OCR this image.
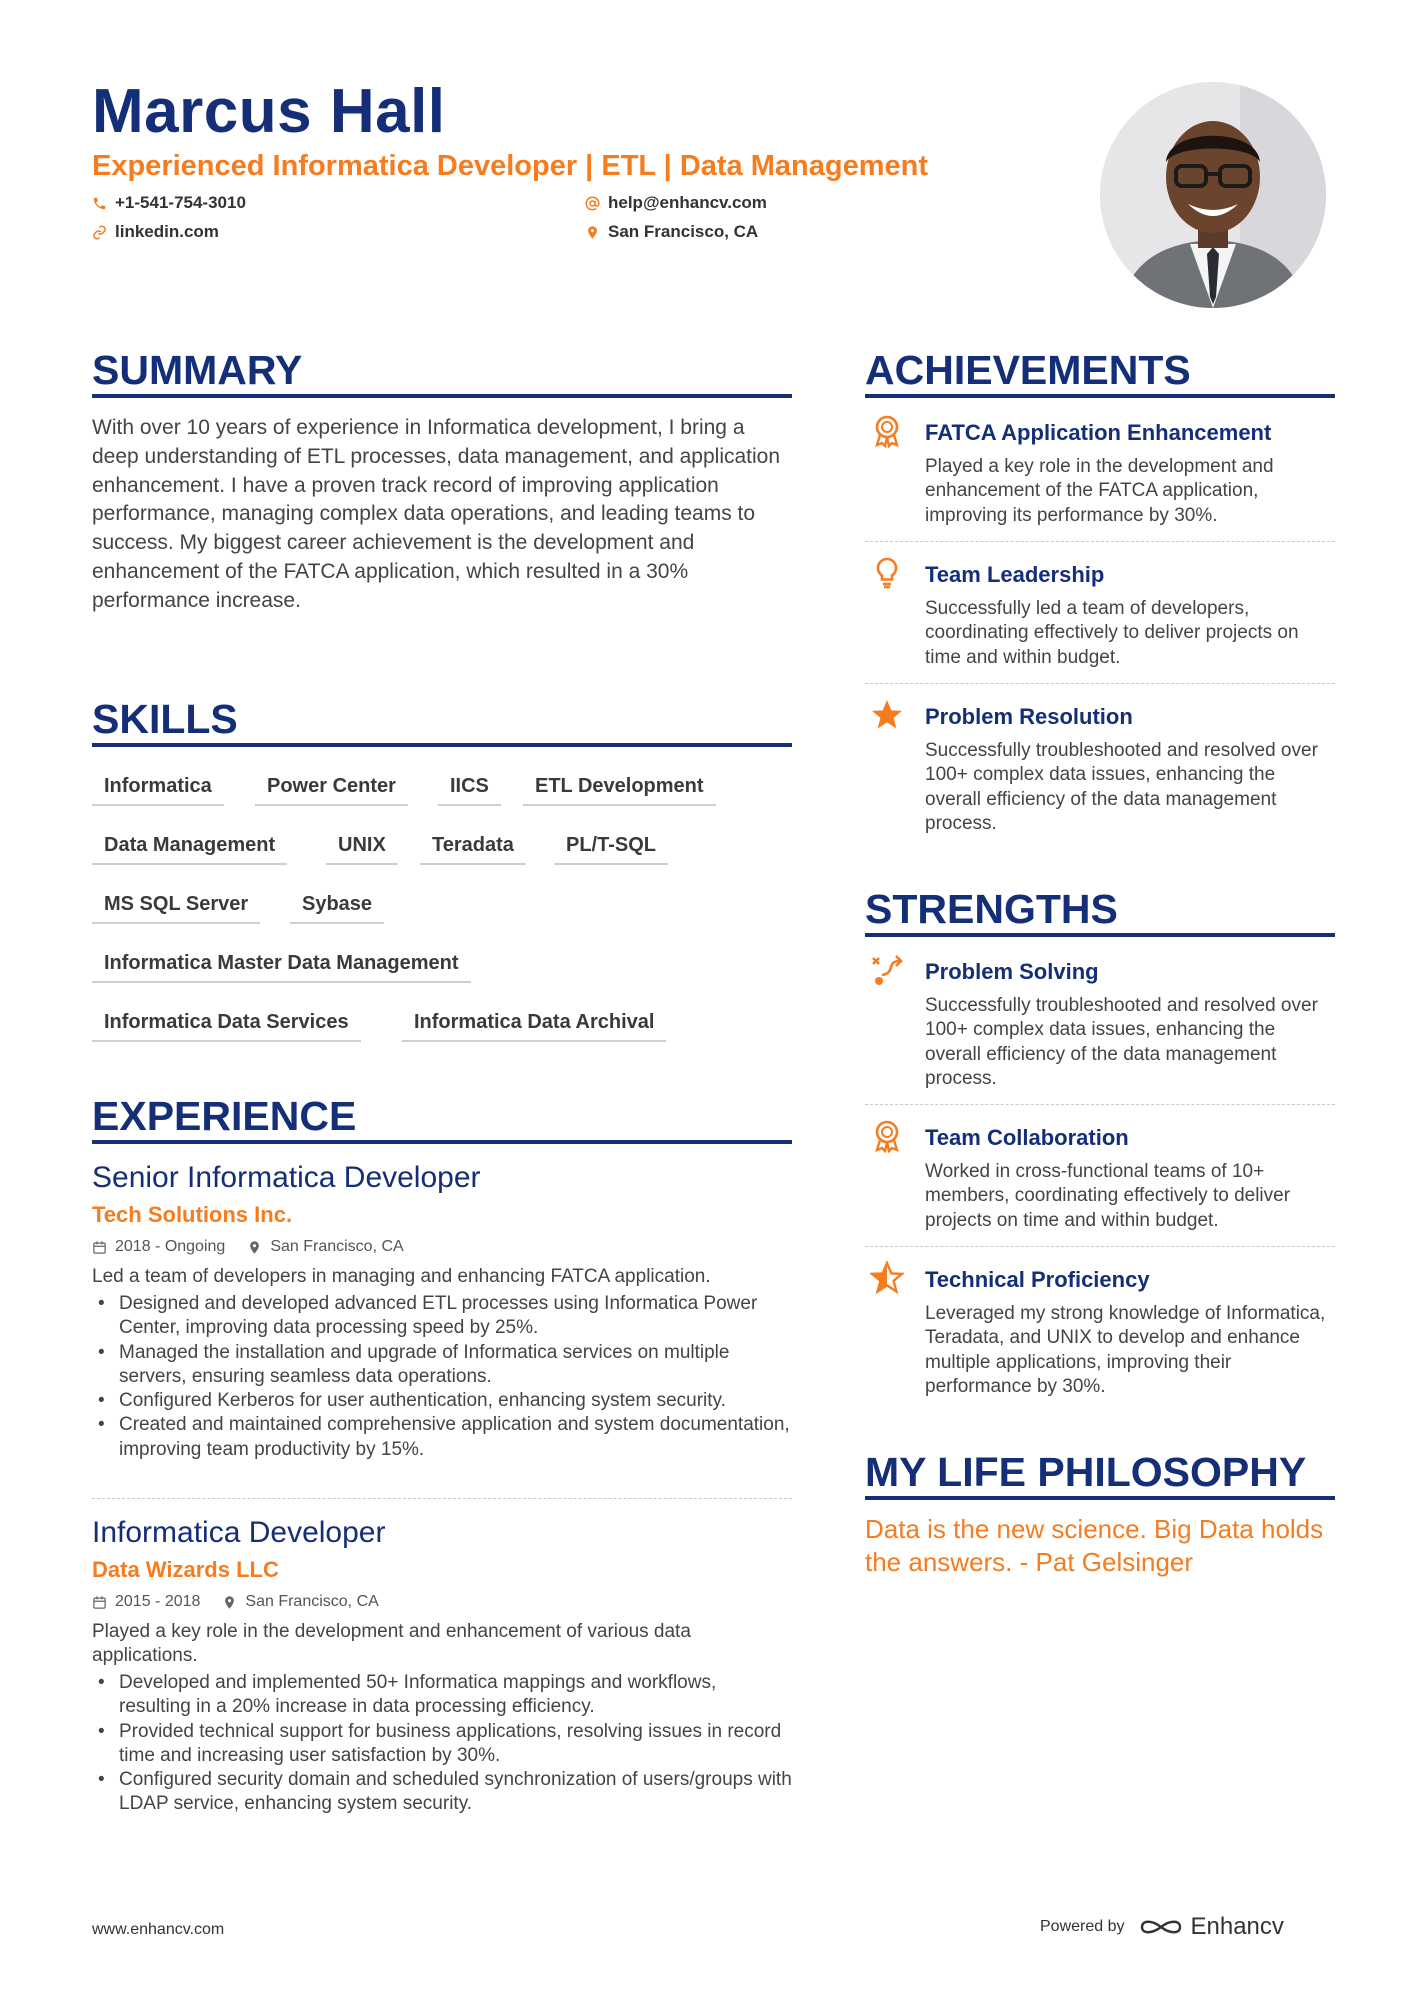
Marcus Hall
Experienced Informatica Developer | ETL | Data Management
+1-541-754-3010	help@enhancv.com
linkedin.com	San Francisco, CA
SUMMARY
With over 10 years of experience in Informatica development, I bring a deep understanding of ETL processes, data management, and application enhancement. I have a proven track record of improving application performance, managing complex data operations, and leading teams to success. My biggest career achievement is the development and enhancement of the FATCA application, which resulted in a 30% performance increase.
SKILLS
Informatica	Power Center	IICS	ETL Development
Data Management	UNIX	Teradata	PL/T-SQL
MS SQL Server	Sybase
Informatica Master Data Management
Informatica Data Services	Informatica Data Archival
EXPERIENCE
Senior Informatica Developer
Tech Solutions Inc.
2018 - Ongoing	San Francisco, CA
Led a team of developers in managing and enhancing FATCA application.
• Designed and developed advanced ETL processes using Informatica Power Center, improving data processing speed by 25%.
• Managed the installation and upgrade of Informatica services on multiple servers, ensuring seamless data operations.
• Configured Kerberos for user authentication, enhancing system security.
• Created and maintained comprehensive application and system documentation, improving team productivity by 15%.
Informatica Developer
Data Wizards LLC
2015 - 2018	San Francisco, CA
Played a key role in the development and enhancement of various data applications.
• Developed and implemented 50+ Informatica mappings and workflows, resulting in a 20% increase in data processing efficiency.
• Provided technical support for business applications, resolving issues in record time and increasing user satisfaction by 30%.
• Configured security domain and scheduled synchronization of users/groups with LDAP service, enhancing system security.
ACHIEVEMENTS
FATCA Application Enhancement
Played a key role in the development and enhancement of the FATCA application, improving its performance by 30%.
Team Leadership
Successfully led a team of developers, coordinating effectively to deliver projects on time and within budget.
Problem Resolution
Successfully troubleshooted and resolved over 100+ complex data issues, enhancing the overall efficiency of the data management process.
STRENGTHS
Problem Solving
Successfully troubleshooted and resolved over 100+ complex data issues, enhancing the overall efficiency of the data management process.
Team Collaboration
Worked in cross-functional teams of 10+ members, coordinating effectively to deliver projects on time and within budget.
Technical Proficiency
Leveraged my strong knowledge of Informatica, Teradata, and UNIX to develop and enhance multiple applications, improving their performance by 30%.
MY LIFE PHILOSOPHY
Data is the new science. Big Data holds the answers. - Pat Gelsinger
www.enhancv.com	Powered by	Enhancv
